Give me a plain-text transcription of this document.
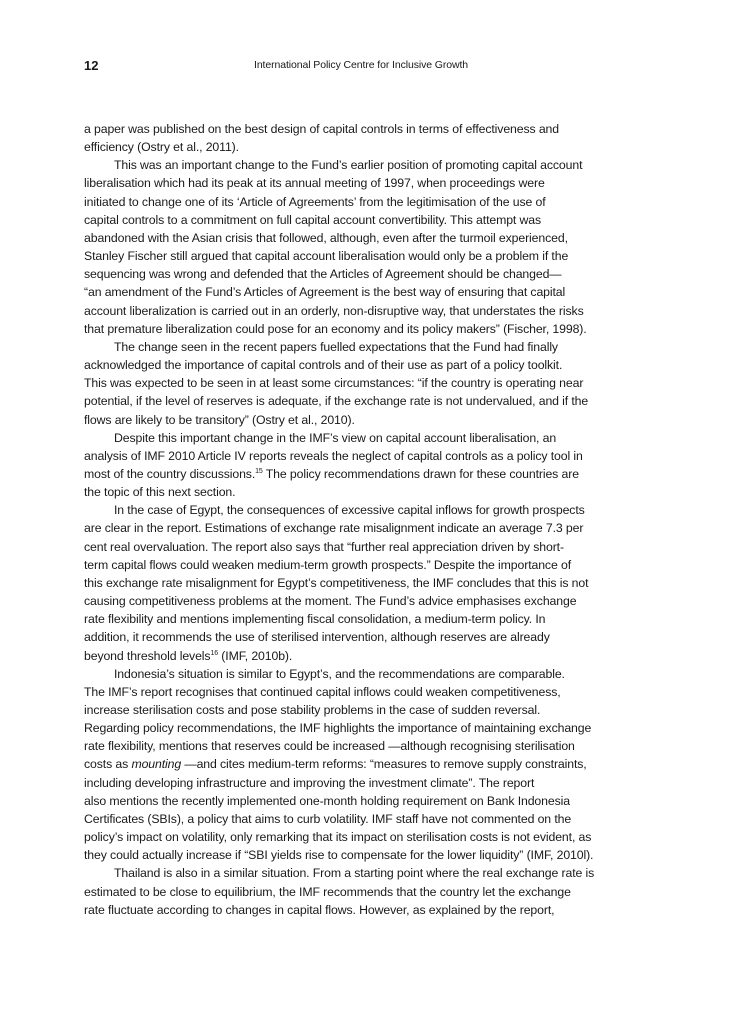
12	International Policy Centre for Inclusive Growth

a paper was published on the best design of capital controls in terms of effectiveness and
efficiency (Ostry et al., 2011).

This was an important change to the Fund’s earlier position of promoting capital account
liberalisation which had its peak at its annual meeting of 1997, when proceedings were
initiated to change one of its ‘Article of Agreements’ from the legitimisation of the use of
capital controls to a commitment on full capital account convertibility. This attempt was
abandoned with the Asian crisis that followed, although, even after the turmoil experienced,
Stanley Fischer still argued that capital account liberalisation would only be a problem if the
sequencing was wrong and defended that the Articles of Agreement should be changed—
“an amendment of the Fund’s Articles of Agreement is the best way of ensuring that capital
account liberalization is carried out in an orderly, non-disruptive way, that understates the risks
that premature liberalization could pose for an economy and its policy makers” (Fischer, 1998).

The change seen in the recent papers fuelled expectations that the Fund had finally
acknowledged the importance of capital controls and of their use as part of a policy toolkit.
This was expected to be seen in at least some circumstances: “if the country is operating near
potential, if the level of reserves is adequate, if the exchange rate is not undervalued, and if the
flows are likely to be transitory” (Ostry et al., 2010).

Despite this important change in the IMF’s view on capital account liberalisation, an
analysis of IMF 2010 Article IV reports reveals the neglect of capital controls as a policy tool in
most of the country discussions.$^{15}$ The policy recommendations drawn for these countries are
the topic of this next section.

In the case of Egypt, the consequences of excessive capital inflows for growth prospects
are clear in the report. Estimations of exchange rate misalignment indicate an average 7.3 per
cent real overvaluation. The report also says that “further real appreciation driven by short-
term capital flows could weaken medium-term growth prospects.” Despite the importance of
this exchange rate misalignment for Egypt’s competitiveness, the IMF concludes that this is not
causing competitiveness problems at the moment. The Fund’s advice emphasises exchange
rate flexibility and mentions implementing fiscal consolidation, a medium-term policy. In
addition, it recommends the use of sterilised intervention, although reserves are already
beyond threshold levels$^{16}$ (IMF, 2010b).

Indonesia’s situation is similar to Egypt’s, and the recommendations are comparable.
The IMF’s report recognises that continued capital inflows could weaken competitiveness,
increase sterilisation costs and pose stability problems in the case of sudden reversal.
Regarding policy recommendations, the IMF highlights the importance of maintaining exchange
rate flexibility, mentions that reserves could be increased —although recognising sterilisation
costs as mounting —and cites medium-term reforms: “measures to remove supply constraints,
including developing infrastructure and improving the investment climate”. The report
also mentions the recently implemented one-month holding requirement on Bank Indonesia
Certificates (SBIs), a policy that aims to curb volatility. IMF staff have not commented on the
policy’s impact on volatility, only remarking that its impact on sterilisation costs is not evident, as
they could actually increase if “SBI yields rise to compensate for the lower liquidity” (IMF, 2010l).

Thailand is also in a similar situation. From a starting point where the real exchange rate is
estimated to be close to equilibrium, the IMF recommends that the country let the exchange
rate fluctuate according to changes in capital flows. However, as explained by the report,
